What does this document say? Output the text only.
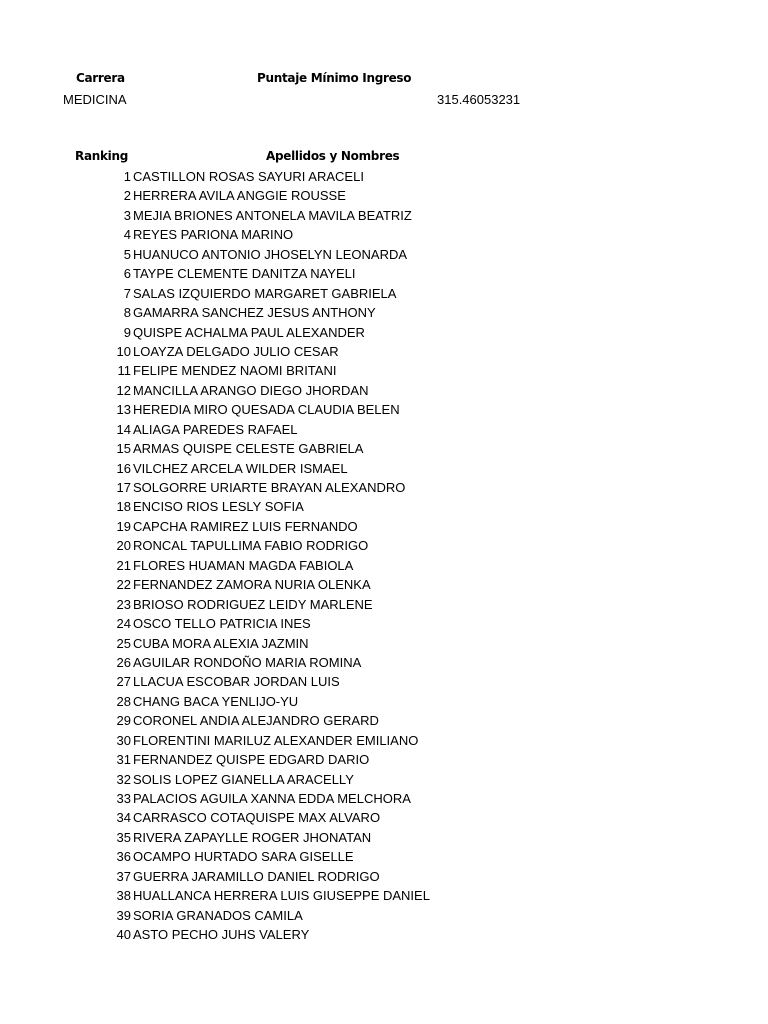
Carrera	Puntaje Mínimo Ingreso
MEDICINA	315.46053231
Ranking	Apellidos y Nombres
1 CASTILLON ROSAS SAYURI ARACELI
2 HERRERA AVILA ANGGIE ROUSSE
3 MEJIA BRIONES ANTONELA MAVILA BEATRIZ
4 REYES PARIONA MARINO
5 HUANUCO ANTONIO JHOSELYN LEONARDA
6 TAYPE CLEMENTE DANITZA NAYELI
7 SALAS IZQUIERDO MARGARET GABRIELA
8 GAMARRA SANCHEZ JESUS ANTHONY
9 QUISPE ACHALMA PAUL ALEXANDER
10 LOAYZA DELGADO JULIO CESAR
11 FELIPE MENDEZ NAOMI BRITANI
12 MANCILLA ARANGO DIEGO JHORDAN
13 HEREDIA MIRO QUESADA CLAUDIA BELEN
14 ALIAGA PAREDES RAFAEL
15 ARMAS QUISPE CELESTE GABRIELA
16 VILCHEZ ARCELA WILDER ISMAEL
17 SOLGORRE URIARTE BRAYAN ALEXANDRO
18 ENCISO RIOS LESLY SOFIA
19 CAPCHA RAMIREZ LUIS FERNANDO
20 RONCAL TAPULLIMA FABIO RODRIGO
21 FLORES HUAMAN MAGDA FABIOLA
22 FERNANDEZ ZAMORA NURIA OLENKA
23 BRIOSO RODRIGUEZ LEIDY MARLENE
24 OSCO TELLO PATRICIA INES
25 CUBA MORA ALEXIA JAZMIN
26 AGUILAR RONDOÑO MARIA ROMINA
27 LLACUA ESCOBAR JORDAN LUIS
28 CHANG BACA YENLIJO-YU
29 CORONEL ANDIA ALEJANDRO GERARD
30 FLORENTINI MARILUZ ALEXANDER EMILIANO
31 FERNANDEZ QUISPE EDGARD DARIO
32 SOLIS LOPEZ GIANELLA ARACELLY
33 PALACIOS AGUILA XANNA EDDA MELCHORA
34 CARRASCO COTAQUISPE MAX ALVARO
35 RIVERA ZAPAYLLE ROGER JHONATAN
36 OCAMPO HURTADO SARA GISELLE
37 GUERRA JARAMILLO DANIEL RODRIGO
38 HUALLANCA HERRERA LUIS GIUSEPPE DANIEL
39 SORIA GRANADOS CAMILA
40 ASTO PECHO JUHS VALERY
